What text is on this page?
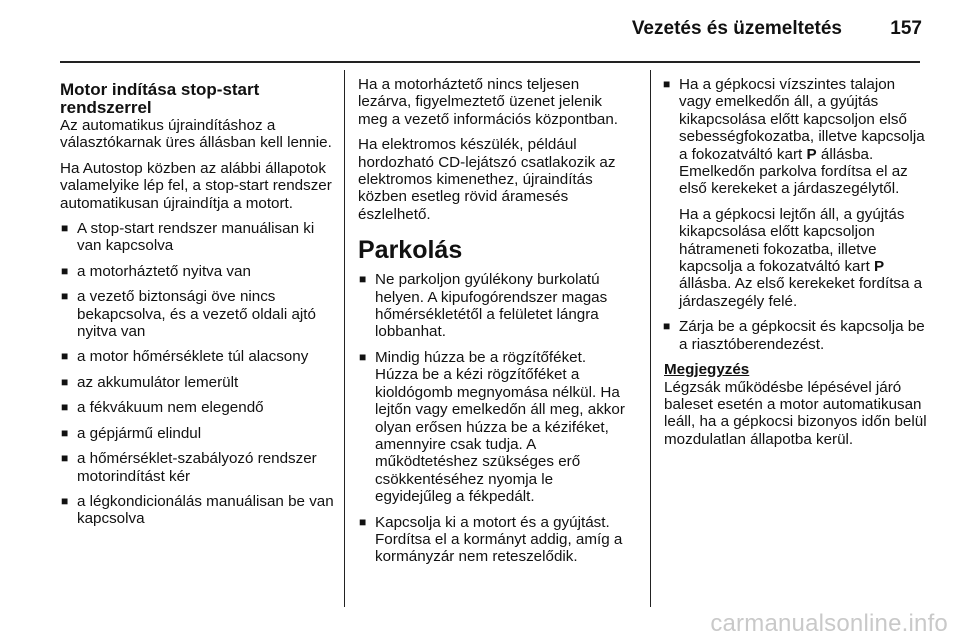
Vezetés és üzemeltetés	157
Motor indítása stop-start rendszerrel

Az automatikus újraindításhoz a választókarnak üres állásban kell lennie.

Ha Autostop közben az alábbi állapotok valamelyike lép fel, a stop-start rendszer automatikusan újraindítja a motort.

■ A stop-start rendszer manuálisan ki van kapcsolva
■ a motorháztető nyitva van
■ a vezető biztonsági öve nincs bekapcsolva, és a vezető oldali ajtó nyitva van
■ a motor hőmérséklete túl alacsony
■ az akkumulátor lemerült
■ a fékvákuum nem elegendő
■ a gépjármű elindul
■ a hőmérséklet-szabályozó rendszer motorindítást kér
■ a légkondicionálás manuálisan be van kapcsolva

Ha a motorháztető nincs teljesen lezárva, figyelmeztető üzenet jelenik meg a vezető információs központban.

Ha elektromos készülék, például hordozható CD-lejátszó csatlakozik az elektromos kimenethez, újraindítás közben esetleg rövid áramesés észlelhető.

Parkolás
■ Ne parkoljon gyúlékony burkolatú helyen. A kipufogórendszer magas hőmérsékletétől a felületet lángra lobbanhat.
■ Mindig húzza be a rögzítőféket. Húzza be a kézi rögzítőféket a kioldógomb megnyomása nélkül. Ha lejtőn vagy emelkedőn áll meg, akkor olyan erősen húzza be a kéziféket, amennyire csak tudja. A működtetéshez szükséges erő csökkentéséhez nyomja le egyidejűleg a fékpedált.
■ Kapcsolja ki a motort és a gyújtást. Fordítsa el a kormányt addig, amíg a kormányzár nem reteszelődik.
■ Ha a gépkocsi vízszintes talajon vagy emelkedőn áll, a gyújtás kikapcsolása előtt kapcsoljon első sebességfokozatba, illetve kapcsolja a fokozatváltó kart P állásba. Emelkedőn parkolva fordítsa el az első kerekeket a járdaszegélytől.
Ha a gépkocsi lejtőn áll, a gyújtás kikapcsolása előtt kapcsoljon hátrameneti fokozatba, illetve kapcsolja a fokozatváltó kart P állásba. Az első kerekeket fordítsa a járdaszegély felé.
■ Zárja be a gépkocsit és kapcsolja be a riasztóberendezést.

Megjegyzés

Légzsák működésbe lépésével járó baleset esetén a motor automatikusan leáll, ha a gépkocsi bizonyos időn belül mozdulatlan állapotba kerül.

carmanualsonline.info
